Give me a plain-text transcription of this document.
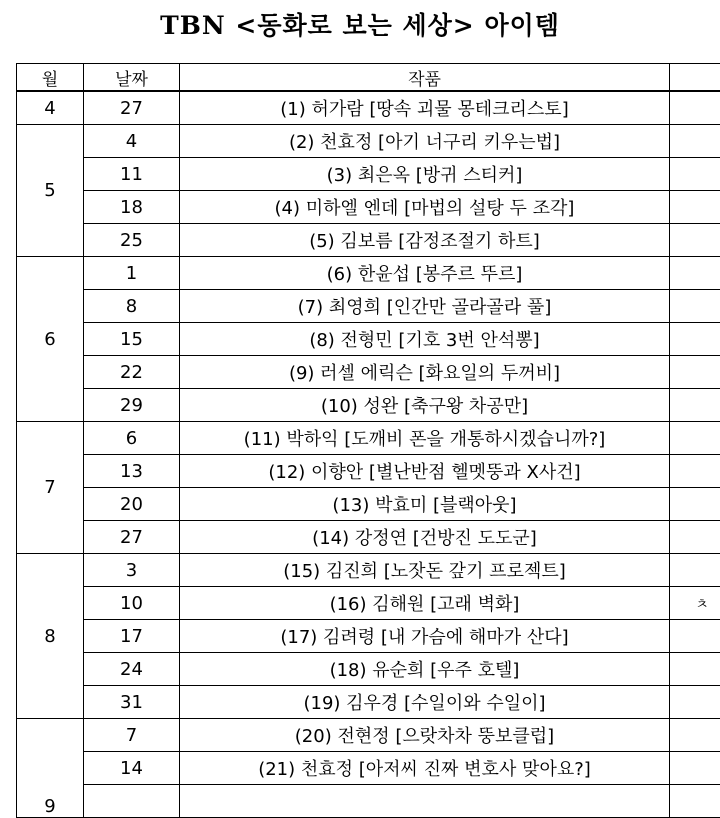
TBN <동화로 보는 세상> 아이템
월	날짜	작품	
4	27	(1) 허가람 [땅속 괴물 몽테크리스토]	
5	4	(2) 천효정 [아기 너구리 키우는법]	
	11	(3) 최은옥 [방귀 스티커]	
	18	(4) 미하엘 엔데 [마법의 설탕 두 조각]	
	25	(5) 김보름 [감정조절기 하트]	
6	1	(6) 한윤섭 [봉주르 뚜르]	
	8	(7) 최영희 [인간만 골라골라 풀]	
	15	(8) 전형민 [기호 3번 안석뽕]	
	22	(9) 러셀 에릭슨 [화요일의 두꺼비]	
	29	(10) 성완 [축구왕 차공만]	
7	6	(11) 박하익 [도깨비 폰을 개통하시겠습니까?]	
	13	(12) 이향안 [별난반점 헬멧뚱과 X사건]	
	20	(13) 박효미 [블랙아웃]	
	27	(14) 강정연 [건방진 도도군]	
8	3	(15) 김진희 [노잣돈 갚기 프로젝트]	
	10	(16) 김해원 [고래 벽화]	ㅊ
	17	(17) 김려령 [내 가슴에 해마가 산다]	
	24	(18) 유순희 [우주 호텔]	
	31	(19) 김우경 [수일이와 수일이]	
9	7	(20) 전현정 [으랏차차 뚱보클럽]	
	14	(21) 천효정 [아저씨 진짜 변호사 맞아요?]	
